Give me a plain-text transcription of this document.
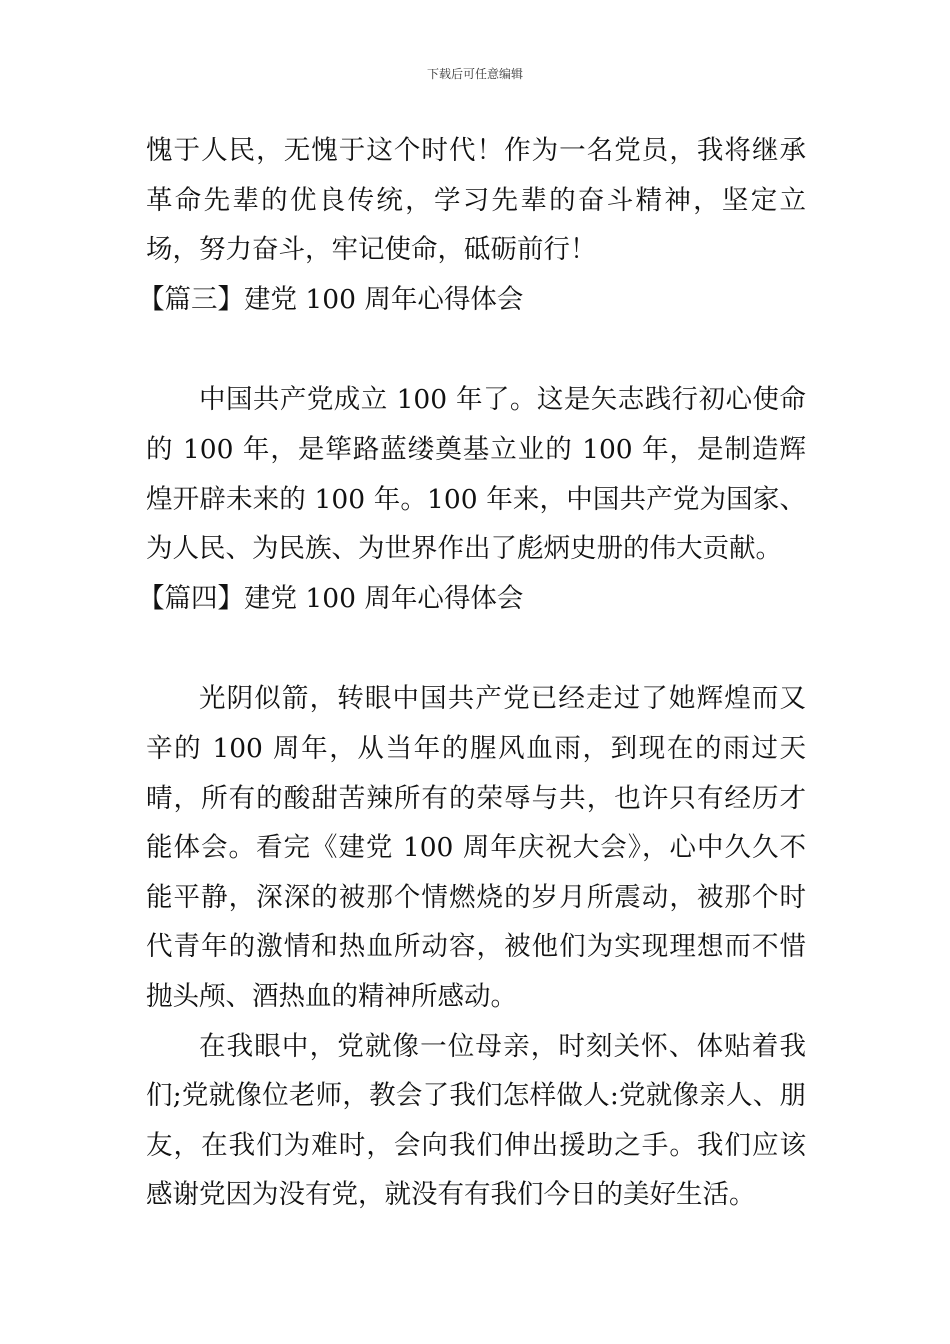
下载后可任意编辑

愧于人民，无愧于这个时代！作为一名党员，我将继承革命先辈的优良传统，学习先辈的奋斗精神，坚定立场，努力奋斗，牢记使命，砥砺前行！

【篇三】建党 100 周年心得体会

中国共产党成立 100 年了。这是矢志践行初心使命的 100 年，是筚路蓝缕奠基立业的 100 年，是制造辉煌开辟未来的 100 年。100 年来，中国共产党为国家、为人民、为民族、为世界作出了彪炳史册的伟大贡献。

【篇四】建党 100 周年心得体会

光阴似箭，转眼中国共产党已经走过了她辉煌而又辛的 100 周年，从当年的腥风血雨，到现在的雨过天晴，所有的酸甜苦辣所有的荣辱与共，也许只有经历才能体会。看完《建党 100 周年庆祝大会》，心中久久不能平静，深深的被那个情燃烧的岁月所震动，被那个时代青年的激情和热血所动容，被他们为实现理想而不惜抛头颅、酒热血的精神所感动。

在我眼中，党就像一位母亲，时刻关怀、体贴着我们;党就像位老师，教会了我们怎样做人:党就像亲人、朋友，在我们为难时，会向我们伸出援助之手。我们应该感谢党因为没有党，就没有有我们今日的美好生活。
